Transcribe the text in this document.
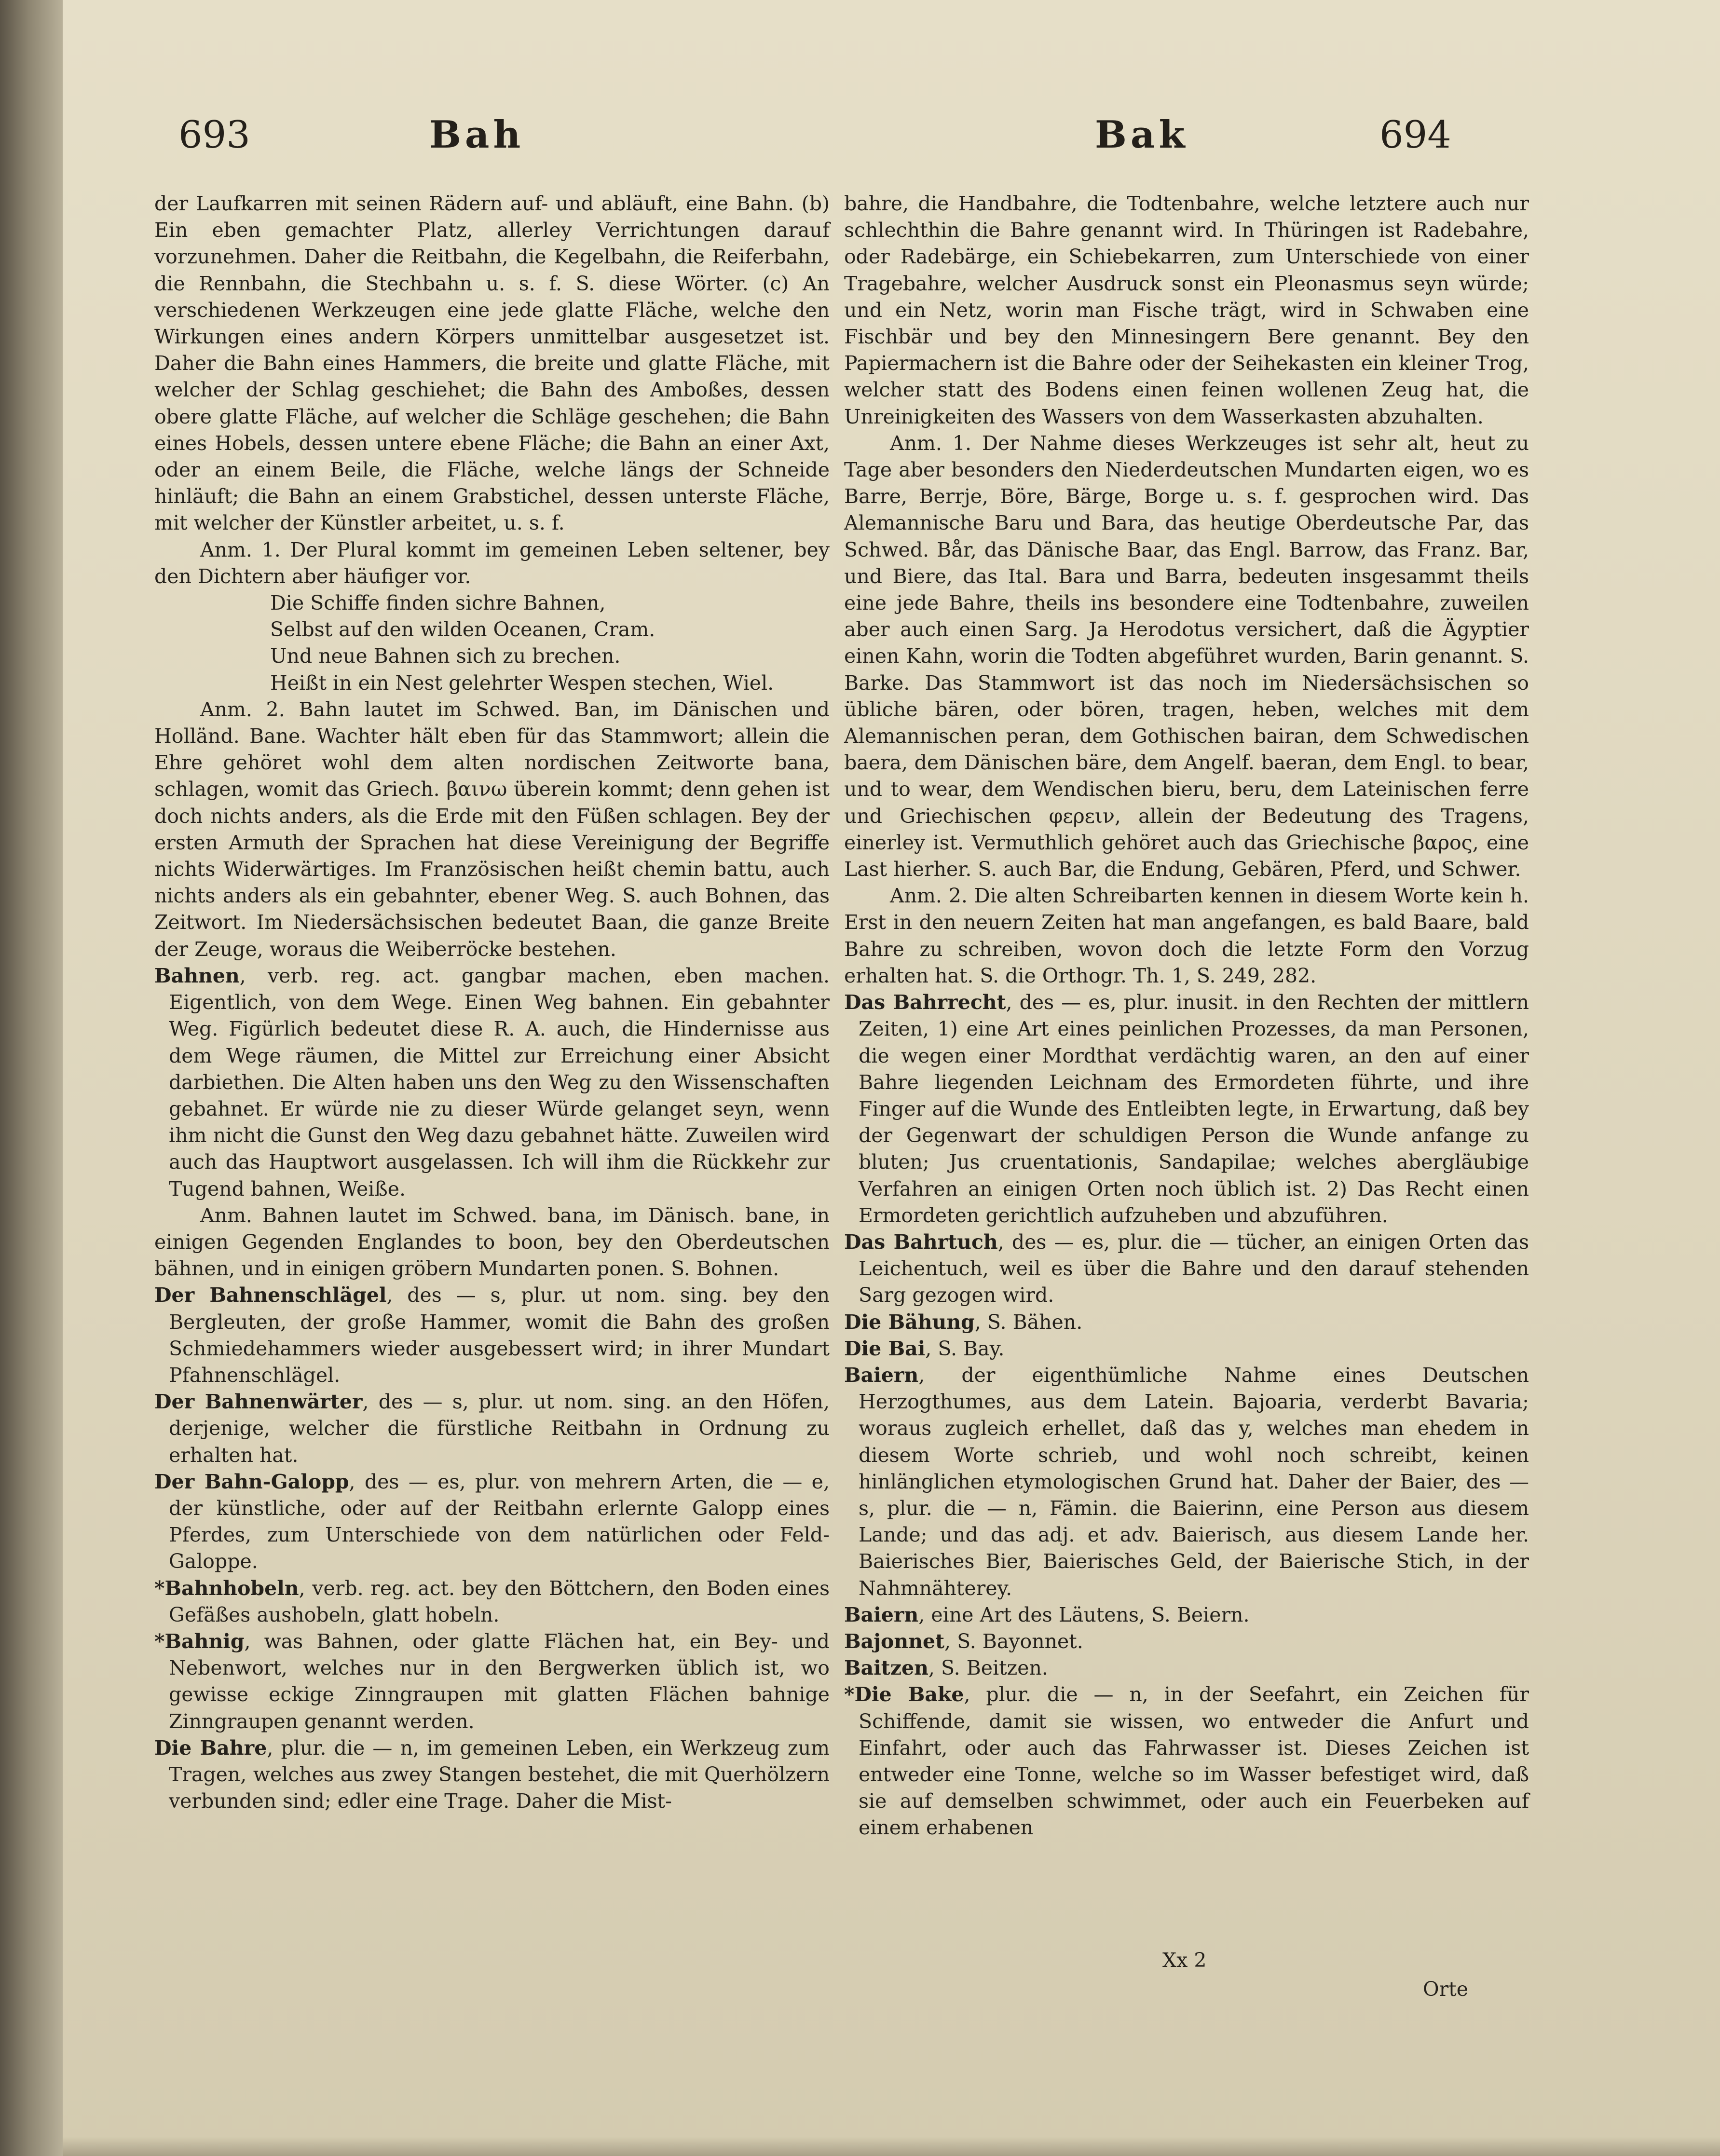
693	Bah	Bak	694

der Laufkarren mit seinen Rädern auf- und abläuft, eine Bahn. (b) Ein eben gemachter Platz, allerley Verrichtungen darauf vorzunehmen. Daher die Reitbahn, die Kegelbahn, die Reiferbahn, die Rennbahn, die Stechbahn u. s. f. S. diese Wörter. (c) An verschiedenen Werkzeugen eine jede glatte Fläche, welche den Wirkungen eines andern Körpers unmittelbar ausgesetzet ist. Daher die Bahn eines Hammers, die breite und glatte Fläche, mit welcher der Schlag geschiehet; die Bahn des Amboßes, dessen obere glatte Fläche, auf welcher die Schläge geschehen; die Bahn eines Hobels, dessen untere ebene Fläche; die Bahn an einer Axt, oder an einem Beile, die Fläche, welche längs der Schneide hinläuft; die Bahn an einem Grabstichel, dessen unterste Fläche, mit welcher der Künstler arbeitet, u. s. f.

Anm. 1. Der Plural kommt im gemeinen Leben seltener, bey den Dichtern aber häufiger vor.

Die Schiffe finden sichre Bahnen,

Selbst auf den wilden Oceanen, Cram.

Und neue Bahnen sich zu brechen.

Heißt in ein Nest gelehrter Wespen stechen, Wiel.

Anm. 2. Bahn lautet im Schwed. Ban, im Dänischen und Holländ. Bane. Wachter hält eben für das Stammwort; allein die Ehre gehöret wohl dem alten nordischen Zeitworte bana, schlagen, womit das Griech. βαινω überein kommt; denn gehen ist doch nichts anders, als die Erde mit den Füßen schlagen. Bey der ersten Armuth der Sprachen hat diese Vereinigung der Begriffe nichts Widerwärtiges. Im Französischen heißt chemin battu, auch nichts anders als ein gebahnter, ebener Weg. S. auch Bohnen, das Zeitwort. Im Niedersächsischen bedeutet Baan, die ganze Breite der Zeuge, woraus die Weiberröcke bestehen.

Bahnen, verb. reg. act. gangbar machen, eben machen. Eigentlich, von dem Wege. Einen Weg bahnen. Ein gebahnter Weg. Figürlich bedeutet diese R. A. auch, die Hindernisse aus dem Wege räumen, die Mittel zur Erreichung einer Absicht darbiethen. Die Alten haben uns den Weg zu den Wissenschaften gebahnet. Er würde nie zu dieser Würde gelanget seyn, wenn ihm nicht die Gunst den Weg dazu gebahnet hätte. Zuweilen wird auch das Hauptwort ausgelassen. Ich will ihm die Rückkehr zur Tugend bahnen, Weiße.

Anm. Bahnen lautet im Schwed. bana, im Dänisch. bane, in einigen Gegenden Englandes to boon, bey den Oberdeutschen bähnen, und in einigen gröbern Mundarten ponen. S. Bohnen.

Der Bahnenschlägel, des — s, plur. ut nom. sing. bey den Bergleuten, der große Hammer, womit die Bahn des großen Schmiedehammers wieder ausgebessert wird; in ihrer Mundart Pfahnenschlägel.

Der Bahnenwärter, des — s, plur. ut nom. sing. an den Höfen, derjenige, welcher die fürstliche Reitbahn in Ordnung zu erhalten hat.

Der Bahn-Galopp, des — es, plur. von mehrern Arten, die — e, der künstliche, oder auf der Reitbahn erlernte Galopp eines Pferdes, zum Unterschiede von dem natürlichen oder Feld-Galoppe.

*Bahnhobeln, verb. reg. act. bey den Böttchern, den Boden eines Gefäßes aushobeln, glatt hobeln.

*Bahnig, was Bahnen, oder glatte Flächen hat, ein Bey- und Nebenwort, welches nur in den Bergwerken üblich ist, wo gewisse eckige Zinngraupen mit glatten Flächen bahnige Zinngraupen genannt werden.

Die Bahre, plur. die — n, im gemeinen Leben, ein Werkzeug zum Tragen, welches aus zwey Stangen bestehet, die mit Querhölzern verbunden sind; edler eine Trage. Daher die Mist-

bahre, die Handbahre, die Todtenbahre, welche letztere auch nur schlechthin die Bahre genannt wird. In Thüringen ist Radebahre, oder Radebärge, ein Schiebekarren, zum Unterschiede von einer Tragebahre, welcher Ausdruck sonst ein Pleonasmus seyn würde; und ein Netz, worin man Fische trägt, wird in Schwaben eine Fischbär und bey den Minnesingern Bere genannt. Bey den Papiermachern ist die Bahre oder der Seihekasten ein kleiner Trog, welcher statt des Bodens einen feinen wollenen Zeug hat, die Unreinigkeiten des Wassers von dem Wasserkasten abzuhalten.

Anm. 1. Der Nahme dieses Werkzeuges ist sehr alt, heut zu Tage aber besonders den Niederdeutschen Mundarten eigen, wo es Barre, Berrje, Böre, Bärge, Borge u. s. f. gesprochen wird. Das Alemannische Baru und Bara, das heutige Oberdeutsche Par, das Schwed. Bår, das Dänische Baar, das Engl. Barrow, das Franz. Bar, und Biere, das Ital. Bara und Barra, bedeuten insgesammt theils eine jede Bahre, theils ins besondere eine Todtenbahre, zuweilen aber auch einen Sarg. Ja Herodotus versichert, daß die Ägyptier einen Kahn, worin die Todten abgeführet wurden, Barin genannt. S. Barke. Das Stammwort ist das noch im Niedersächsischen so übliche bären, oder bören, tragen, heben, welches mit dem Alemannischen peran, dem Gothischen bairan, dem Schwedischen baera, dem Dänischen bäre, dem Angelf. baeran, dem Engl. to bear, und to wear, dem Wendischen bieru, beru, dem Lateinischen ferre und Griechischen φερειν, allein der Bedeutung des Tragens, einerley ist. Vermuthlich gehöret auch das Griechische βαρος, eine Last hierher. S. auch Bar, die Endung, Gebären, Pferd, und Schwer.

Anm. 2. Die alten Schreibarten kennen in diesem Worte kein h. Erst in den neuern Zeiten hat man angefangen, es bald Baare, bald Bahre zu schreiben, wovon doch die letzte Form den Vorzug erhalten hat. S. die Orthogr. Th. 1, S. 249, 282.

Das Bahrrecht, des — es, plur. inusit. in den Rechten der mittlern Zeiten, 1) eine Art eines peinlichen Prozesses, da man Personen, die wegen einer Mordthat verdächtig waren, an den auf einer Bahre liegenden Leichnam des Ermordeten führte, und ihre Finger auf die Wunde des Entleibten legte, in Erwartung, daß bey der Gegenwart der schuldigen Person die Wunde anfange zu bluten; Jus cruentationis, Sandapilae; welches abergläubige Verfahren an einigen Orten noch üblich ist. 2) Das Recht einen Ermordeten gerichtlich aufzuheben und abzuführen.

Das Bahrtuch, des — es, plur. die — tücher, an einigen Orten das Leichentuch, weil es über die Bahre und den darauf stehenden Sarg gezogen wird.

Die Bähung, S. Bähen.

Die Bai, S. Bay.

Baiern, der eigenthümliche Nahme eines Deutschen Herzogthumes, aus dem Latein. Bajoaria, verderbt Bavaria; woraus zugleich erhellet, daß das y, welches man ehedem in diesem Worte schrieb, und wohl noch schreibt, keinen hinlänglichen etymologischen Grund hat. Daher der Baier, des — s, plur. die — n, Fämin. die Baierinn, eine Person aus diesem Lande; und das adj. et adv. Baierisch, aus diesem Lande her. Baierisches Bier, Baierisches Geld, der Baierische Stich, in der Nahmnähterey.

Baiern, eine Art des Läutens, S. Beiern.

Bajonnet, S. Bayonnet.

Baitzen, S. Beitzen.

*Die Bake, plur. die — n, in der Seefahrt, ein Zeichen für Schiffende, damit sie wissen, wo entweder die Anfurt und Einfahrt, oder auch das Fahrwasser ist. Dieses Zeichen ist entweder eine Tonne, welche so im Wasser befestiget wird, daß sie auf demselben schwimmet, oder auch ein Feuerbeken auf einem erhabenen

Xx 2
Orte
